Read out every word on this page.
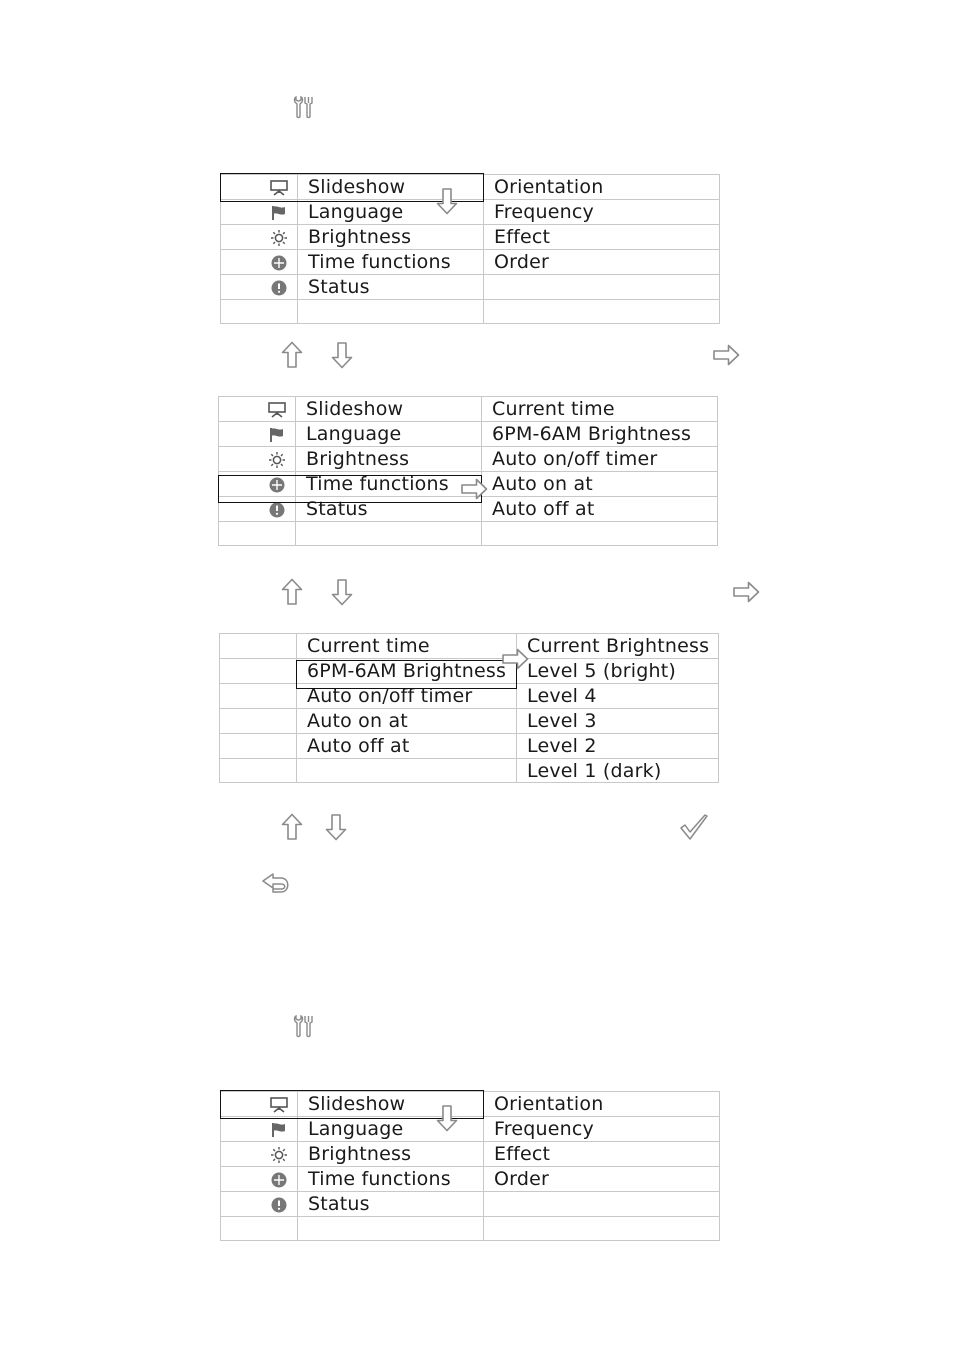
	Slideshow	Orientation
	Language	Frequency
	Brightness	Effect
	Time functions	Order
	Status	

	Slideshow	Current time
	Language	6PM-6AM Brightness
	Brightness	Auto on/off timer
	Time functions	Auto on at
	Status	Auto off at

	Current time	Current Brightness
	6PM-6AM Brightness	Level 5 (bright)
	Auto on/off timer	Level 4
	Auto on at	Level 3
	Auto off at	Level 2
		Level 1 (dark)
	Slideshow	Orientation
	Language	Frequency
	Brightness	Effect
	Time functions	Order
	Status	
